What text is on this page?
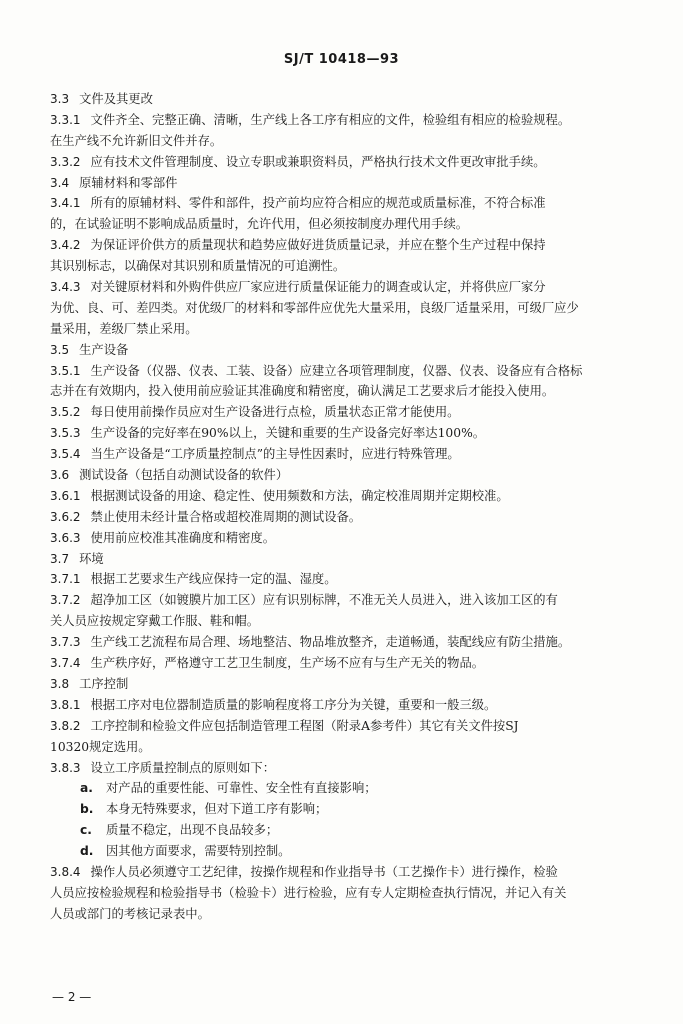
SJ/T 10418—93
3.3 文件及其更改
3.3.1 文件齐全、完整正确、清晰，生产线上各工序有相应的文件，检验组有相应的检验规程。
在生产线不允许新旧文件并存。
3.3.2 应有技术文件管理制度、设立专职或兼职资料员，严格执行技术文件更改审批手续。
3.4 原辅材料和零部件
3.4.1 所有的原辅材料、零件和部件，投产前均应符合相应的规范或质量标准，不符合标准
的，在试验证明不影响成品质量时，允许代用，但必须按制度办理代用手续。
3.4.2 为保证评价供方的质量现状和趋势应做好进货质量记录，并应在整个生产过程中保持
其识别标志，以确保对其识别和质量情况的可追溯性。
3.4.3 对关键原材料和外购件供应厂家应进行质量保证能力的调查或认定，并将供应厂家分
为优、良、可、差四类。对优级厂的材料和零部件应优先大量采用，良级厂适量采用，可级厂应少
量采用，差级厂禁止采用。
3.5 生产设备
3.5.1 生产设备（仪器、仪表、工装、设备）应建立各项管理制度，仪器、仪表、设备应有合格标
志并在有效期内，投入使用前应验证其准确度和精密度，确认满足工艺要求后才能投入使用。
3.5.2 每日使用前操作员应对生产设备进行点检，质量状态正常才能使用。
3.5.3 生产设备的完好率在90%以上，关键和重要的生产设备完好率达100%。
3.5.4 当生产设备是“工序质量控制点”的主导性因素时，应进行特殊管理。
3.6 测试设备（包括自动测试设备的软件）
3.6.1 根据测试设备的用途、稳定性、使用频数和方法，确定校准周期并定期校准。
3.6.2 禁止使用未经计量合格或超校准周期的测试设备。
3.6.3 使用前应校准其准确度和精密度。
3.7 环境
3.7.1 根据工艺要求生产线应保持一定的温、湿度。
3.7.2 超净加工区（如镀膜片加工区）应有识别标牌，不准无关人员进入，进入该加工区的有
关人员应按规定穿戴工作服、鞋和帽。
3.7.3 生产线工艺流程布局合理、场地整洁、物品堆放整齐，走道畅通，装配线应有防尘措施。
3.7.4 生产秩序好，严格遵守工艺卫生制度，生产场不应有与生产无关的物品。
3.8 工序控制
3.8.1 根据工序对电位器制造质量的影响程度将工序分为关键，重要和一般三级。
3.8.2 工序控制和检验文件应包括制造管理工程图（附录A参考件）其它有关文件按SJ
10320规定选用。
3.8.3 设立工序质量控制点的原则如下：
a. 对产品的重要性能、可靠性、安全性有直接影响；
b. 本身无特殊要求，但对下道工序有影响；
c. 质量不稳定，出现不良品较多；
d. 因其他方面要求，需要特别控制。
3.8.4 操作人员必须遵守工艺纪律，按操作规程和作业指导书（工艺操作卡）进行操作，检验
人员应按检验规程和检验指导书（检验卡）进行检验，应有专人定期检查执行情况，并记入有关
人员或部门的考核记录表中。
— 2 —
